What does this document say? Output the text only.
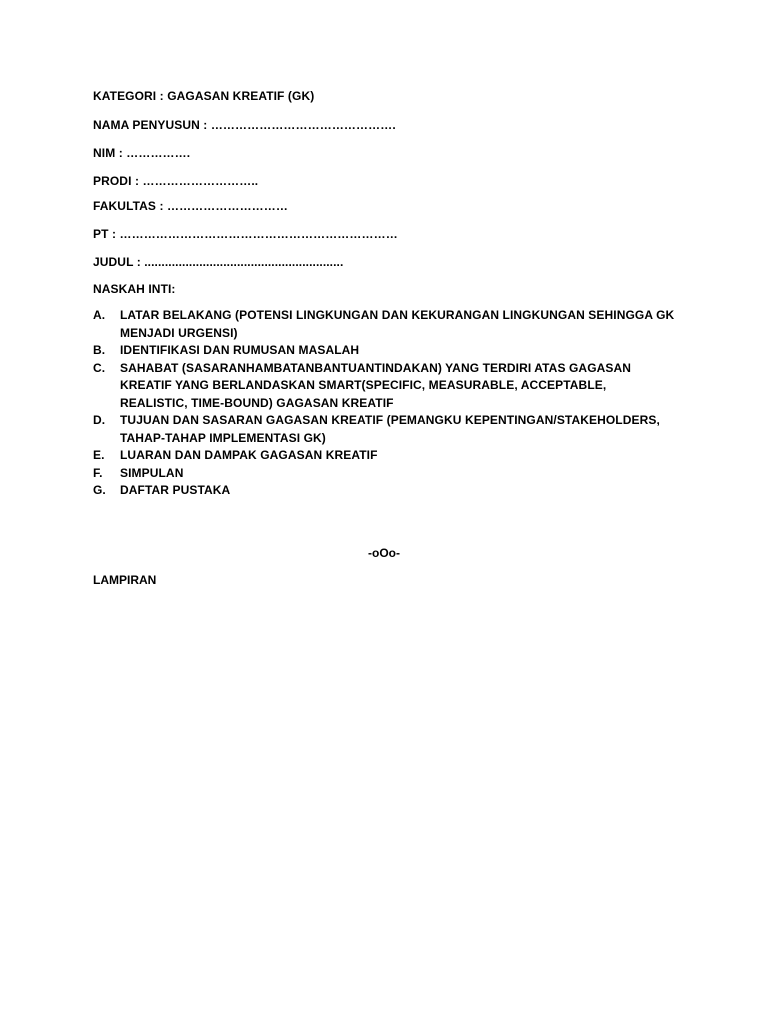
KATEGORI : GAGASAN KREATIF (GK)
NAMA PENYUSUN : ……………………………………….
NIM : …………….
PRODI : ………………………..
FAKULTAS : …………………………
PT : ……………………………………………………………
JUDUL : ..........................................................
NASKAH INTI:
A. LATAR BELAKANG (POTENSI LINGKUNGAN DAN KEKURANGAN LINGKUNGAN SEHINGGA GK MENJADI URGENSI)
B. IDENTIFIKASI DAN RUMUSAN MASALAH
C. SAHABAT (SASARANHAMBATANBANTUANTINDAKAN) YANG TERDIRI ATAS GAGASAN KREATIF YANG BERLANDASKAN SMART(SPECIFIC, MEASURABLE, ACCEPTABLE, REALISTIC, TIME-BOUND) GAGASAN KREATIF
D. TUJUAN DAN SASARAN GAGASAN KREATIF (PEMANGKU KEPENTINGAN/STAKEHOLDERS, TAHAP-TAHAP IMPLEMENTASI GK)
E. LUARAN DAN DAMPAK GAGASAN KREATIF
F. SIMPULAN
G. DAFTAR PUSTAKA
-oOo-
LAMPIRAN
